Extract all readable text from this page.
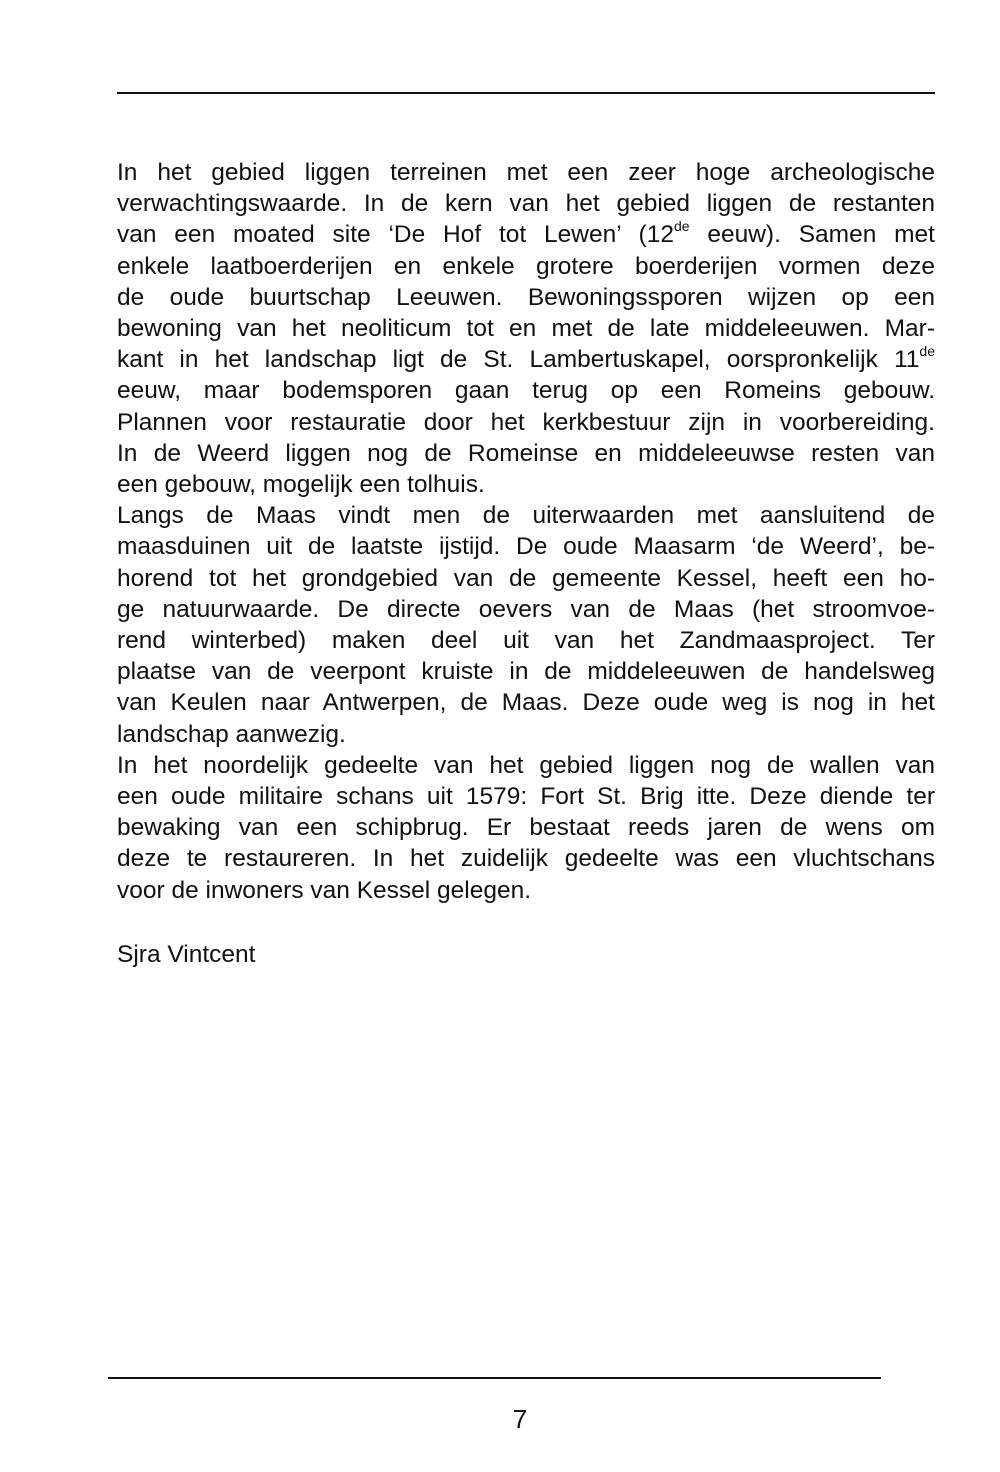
In het gebied liggen terreinen met een zeer hoge archeologische
verwachtingswaarde. In de kern van het gebied liggen de restanten
van een moated site ‘De Hof tot Lewen’ (12de eeuw). Samen met
enkele laatboerderijen en enkele grotere boerderijen vormen deze
de oude buurtschap Leeuwen. Bewoningssporen wijzen op een
bewoning van het neoliticum tot en met de late middeleeuwen. Mar-
kant in het landschap ligt de St. Lambertuskapel, oorspronkelijk 11de
eeuw, maar bodemsporen gaan terug op een Romeins gebouw.
Plannen voor restauratie door het kerkbestuur zijn in voorbereiding.
In de Weerd liggen nog de Romeinse en middeleeuwse resten van
een gebouw, mogelijk een tolhuis.
Langs de Maas vindt men de uiterwaarden met aansluitend de
maasduinen uit de laatste ijstijd. De oude Maasarm ‘de Weerd’, be-
horend tot het grondgebied van de gemeente Kessel, heeft een ho-
ge natuurwaarde. De directe oevers van de Maas (het stroomvoe-
rend winterbed) maken deel uit van het Zandmaasproject. Ter
plaatse van de veerpont kruiste in de middeleeuwen de handelsweg
van Keulen naar Antwerpen, de Maas. Deze oude weg is nog in het
landschap aanwezig.
In het noordelijk gedeelte van het gebied liggen nog de wallen van
een oude militaire schans uit 1579: Fort St. Brig itte. Deze diende ter
bewaking van een schipbrug. Er bestaat reeds jaren de wens om
deze te restaureren. In het zuidelijk gedeelte was een vluchtschans
voor de inwoners van Kessel gelegen.
Sjra Vintcent
7
